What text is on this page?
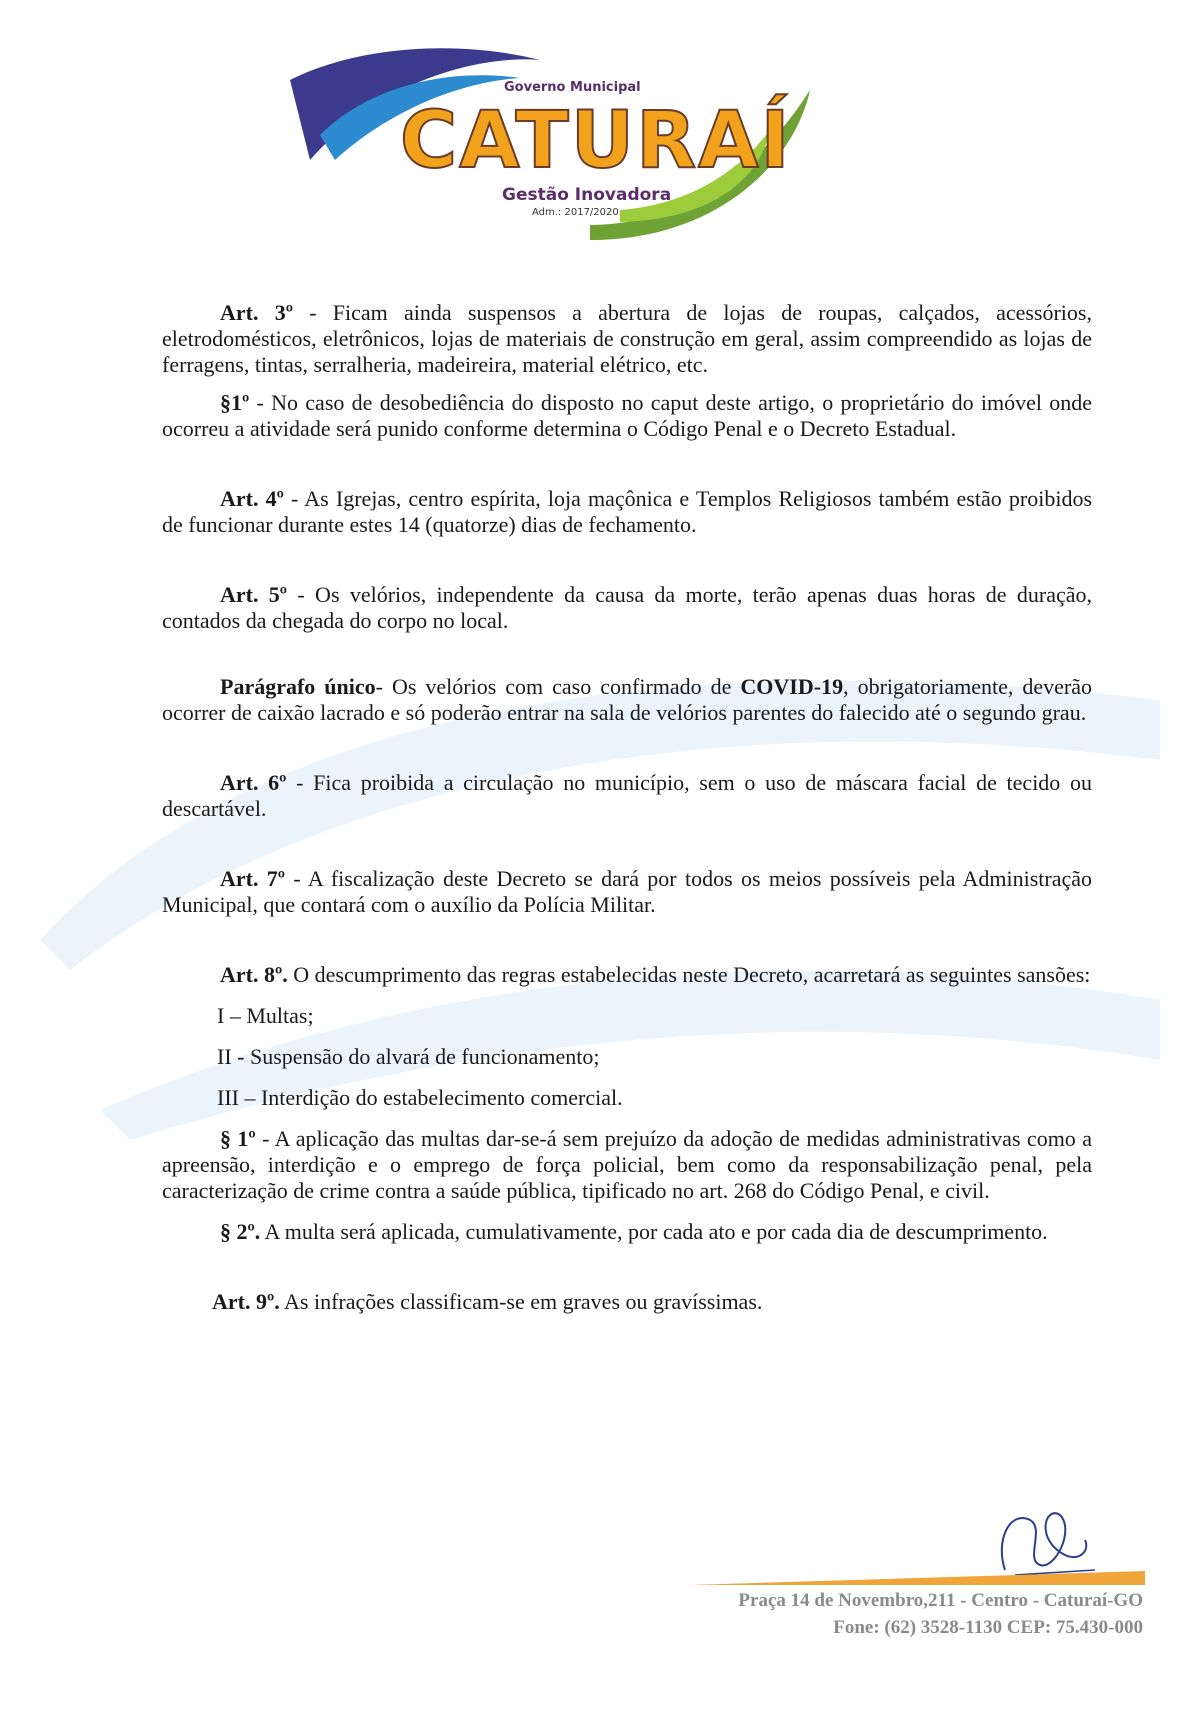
Governo Municipal
CATURAÍ
Gestão Inovadora
Adm.: 2017/2020

Art. 3º - Ficam ainda suspensos a abertura de lojas de roupas, calçados, acessórios, eletrodomésticos, eletrônicos, lojas de materiais de construção em geral, assim compreendido as lojas de ferragens, tintas, serralheria, madeireira, material elétrico, etc.

§1º - No caso de desobediência do disposto no caput deste artigo, o proprietário do imóvel onde ocorreu a atividade será punido conforme determina o Código Penal e o Decreto Estadual.

Art. 4º - As Igrejas, centro espírita, loja maçônica e Templos Religiosos também estão proibidos de funcionar durante estes 14 (quatorze) dias de fechamento.

Art. 5º - Os velórios, independente da causa da morte, terão apenas duas horas de duração, contados da chegada do corpo no local.

Parágrafo único- Os velórios com caso confirmado de COVID-19, obrigatoriamente, deverão ocorrer de caixão lacrado e só poderão entrar na sala de velórios parentes do falecido até o segundo grau.

Art. 6º - Fica proibida a circulação no município, sem o uso de máscara facial de tecido ou descartável.

Art. 7º - A fiscalização deste Decreto se dará por todos os meios possíveis pela Administração Municipal, que contará com o auxílio da Polícia Militar.

Art. 8º. O descumprimento das regras estabelecidas neste Decreto, acarretará as seguintes sansões:

I – Multas;

II - Suspensão do alvará de funcionamento;

III – Interdição do estabelecimento comercial.

§ 1º - A aplicação das multas dar-se-á sem prejuízo da adoção de medidas administrativas como a apreensão, interdição e o emprego de força policial, bem como da responsabilização penal, pela caracterização de crime contra a saúde pública, tipificado no art. 268 do Código Penal, e civil.

§ 2º. A multa será aplicada, cumulativamente, por cada ato e por cada dia de descumprimento.

Art. 9º. As infrações classificam-se em graves ou gravíssimas.

Praça 14 de Novembro,211 - Centro - Caturaí-GO
Fone: (62) 3528-1130 CEP: 75.430-000
